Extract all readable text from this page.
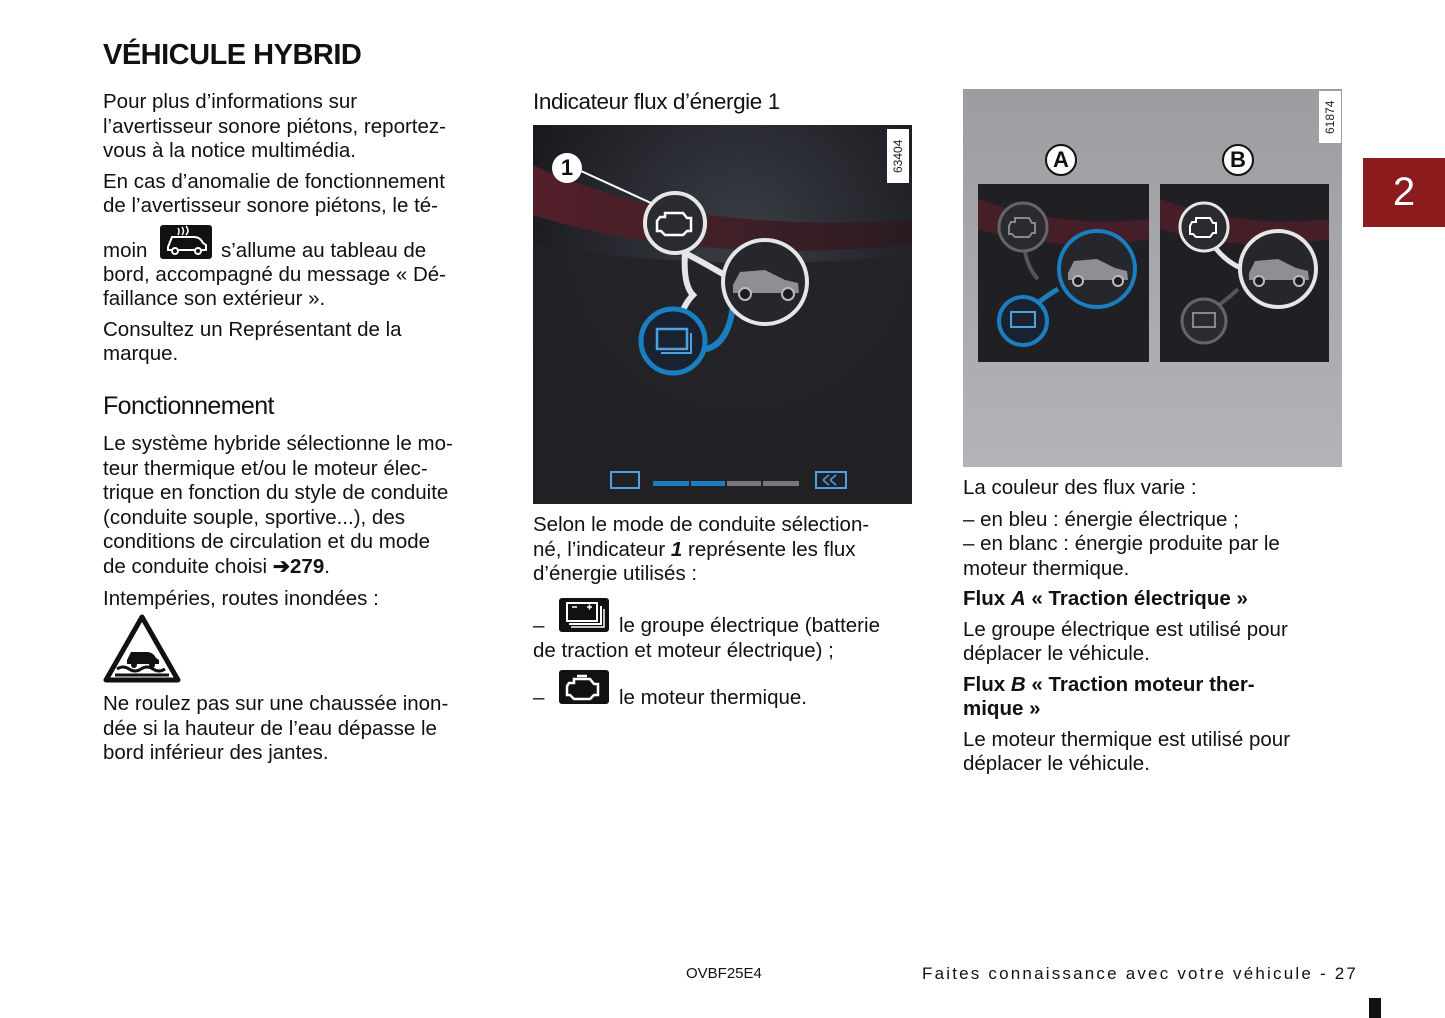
VÉHICULE HYBRID

Pour plus d’informations sur
l’avertisseur sonore piétons, reportez-
vous à la notice multimédia.

En cas d’anomalie de fonctionnement
de l’avertisseur sonore piétons, le té-

moin	s’allume au tableau de

bord, accompagné du message « Dé-
faillance son extérieur ».

Consultez un Représentant de la
marque.

Fonctionnement

Le système hybride sélectionne le mo-
teur thermique et/ou le moteur élec-
trique en fonction du style de conduite
(conduite souple, sportive...), des
conditions de circulation et du mode
de conduite choisi ➔279.

Intempéries, routes inondées :

Ne roulez pas sur une chaussée inon-
dée si la hauteur de l’eau dépasse le
bord inférieur des jantes.

Indicateur flux d’énergie 1
1	63404

Selon le mode de conduite sélection-
né, l’indicateur 1 représente les flux
d’énergie utilisés :

–	le groupe électrique (batterie
de traction et moteur électrique) ;
–	le moteur thermique.
A	B
61874

La couleur des flux varie :

– en bleu : énergie électrique ;
– en blanc : énergie produite par le
moteur thermique.

Flux A « Traction électrique »

Le groupe électrique est utilisé pour
déplacer le véhicule.

Flux B « Traction moteur ther-
mique »

Le moteur thermique est utilisé pour
déplacer le véhicule.

2
OVBF25E4	Faites connaissance avec votre véhicule - 27
